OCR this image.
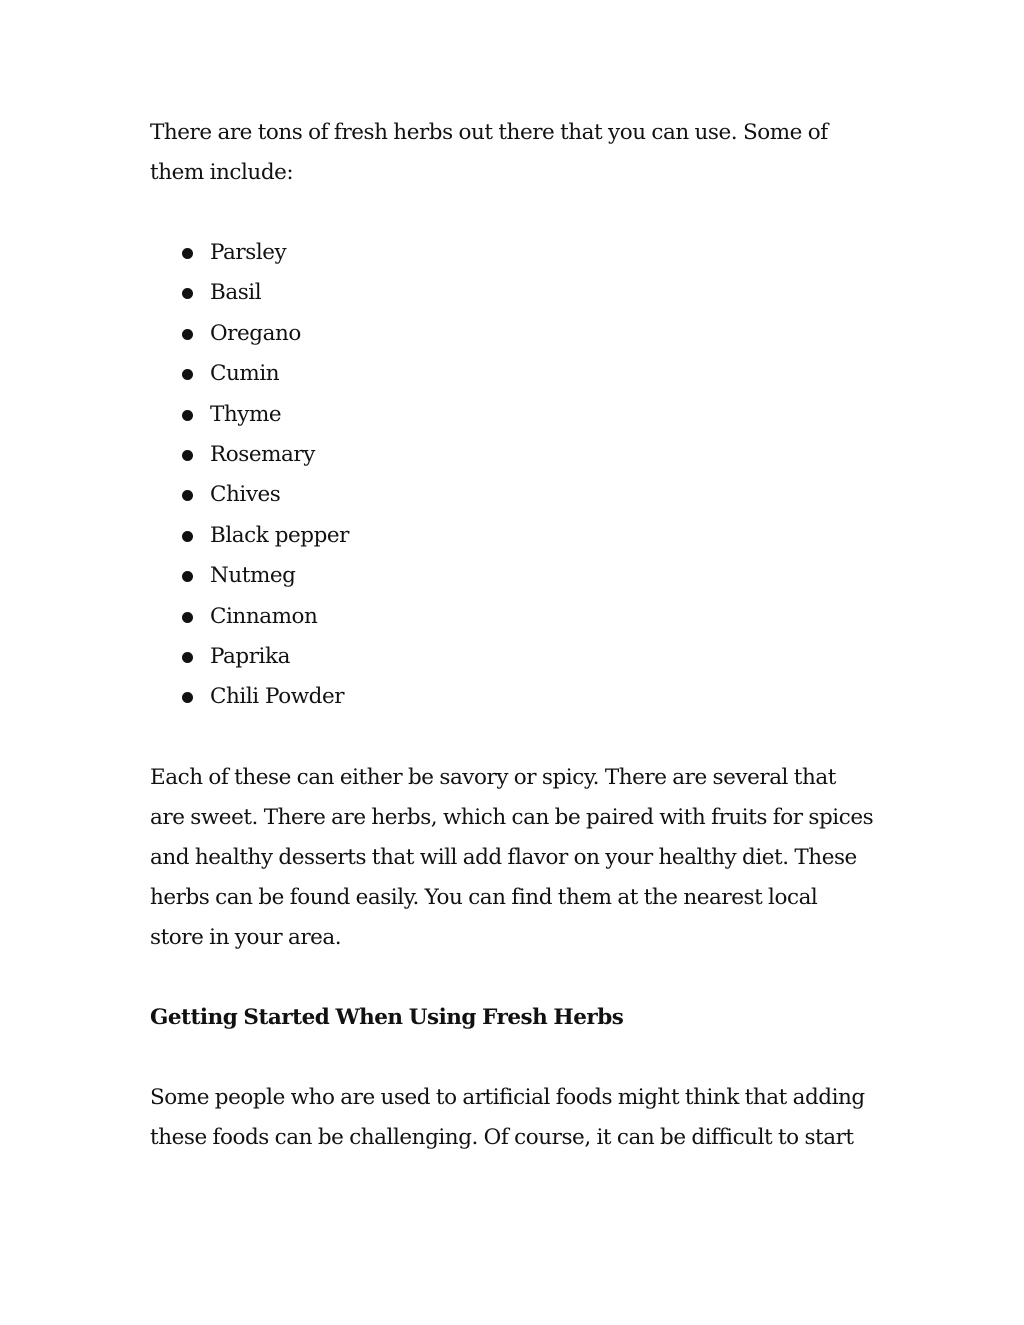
There are tons of fresh herbs out there that you can use. Some of them include:

Parsley
Basil
Oregano
Cumin
Thyme
Rosemary
Chives
Black pepper
Nutmeg
Cinnamon
Paprika
Chili Powder

Each of these can either be savory or spicy. There are several that are sweet. There are herbs, which can be paired with fruits for spices and healthy desserts that will add flavor on your healthy diet. These herbs can be found easily. You can find them at the nearest local store in your area.

Getting Started When Using Fresh Herbs

Some people who are used to artificial foods might think that adding these foods can be challenging. Of course, it can be difficult to start
